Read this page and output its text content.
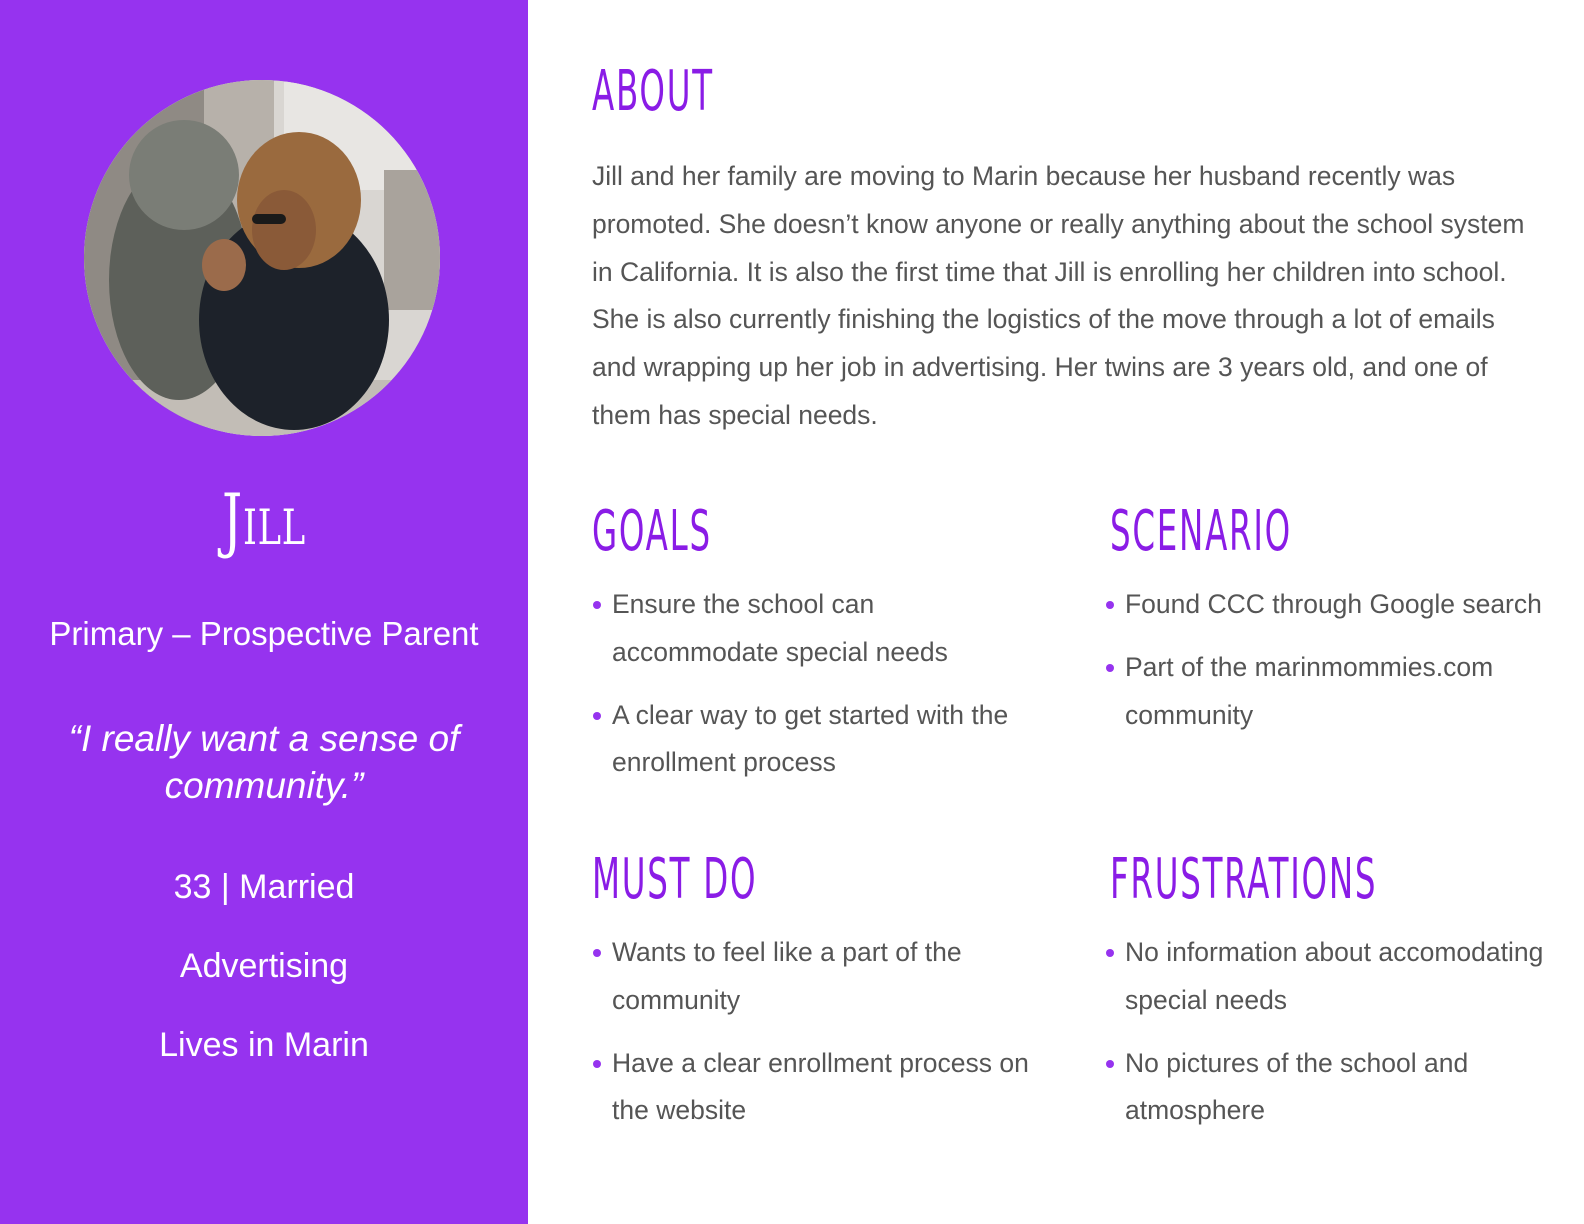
Jill
Primary – Prospective Parent
“I really want a sense of community.”
33 | Married
Advertising
Lives in Marin
ABOUT

Jill and her family are moving to Marin because her husband recently was promoted. She doesn’t know anyone or really anything about the school system in California. It is also the first time that Jill is enrolling her children into school. She is also currently finishing the logistics of the move through a lot of emails and wrapping up her job in advertising. Her twins are 3 years old, and one of them has special needs.

GOALS
Ensure the school can accommodate special needs
A clear way to get started with the enrollment process
SCENARIO
Found CCC through Google search
Part of the marinmommies.com community
MUST DO
Wants to feel like a part of the community
Have a clear enrollment process on the website
FRUSTRATIONS
No information about accomodating special needs
No pictures of the school and atmosphere
